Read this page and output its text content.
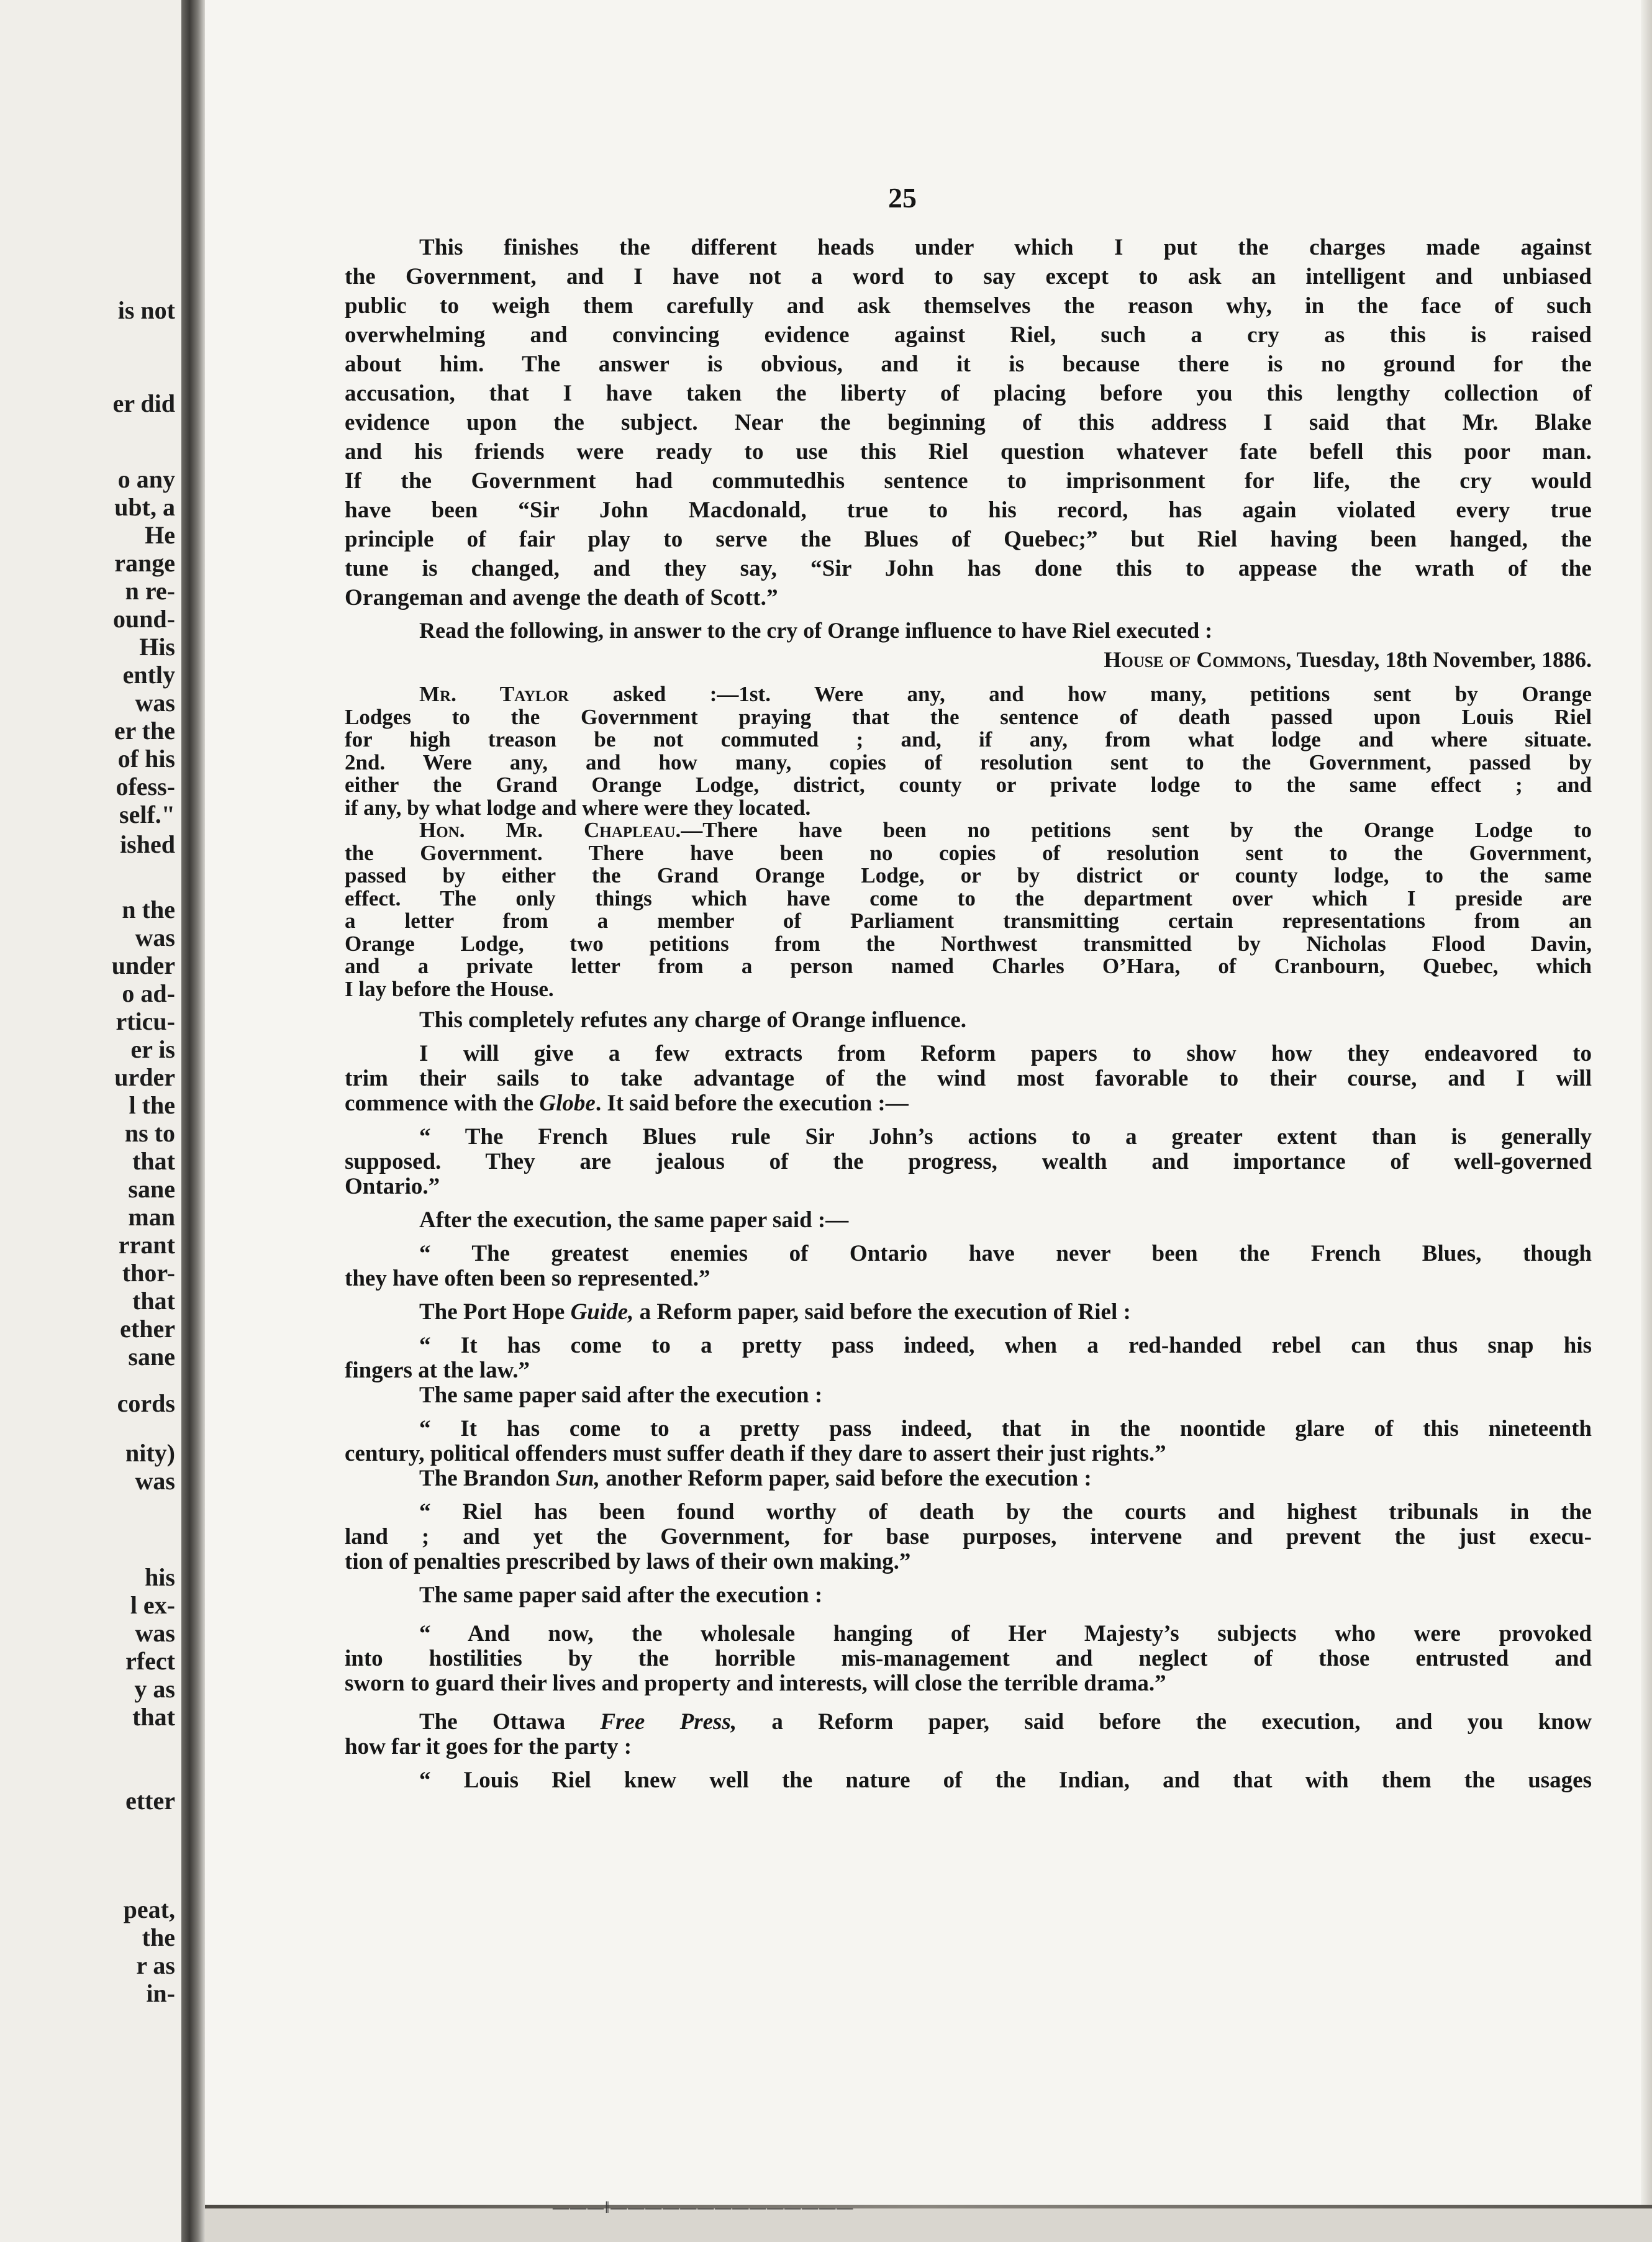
is not
er did
o any
ubt, a
He
range
n re-
ound-
His
ently
was
er the
of his
ofess-
self."
ished
n the
was
under
o ad-
rticu-
er is
urder
l the
ns to
that
sane
man
rrant
thor-
that
ether
sane
cords
nity)
was
his
l ex-
was
rfect
y as
that
etter
peat,
the
r as
in-
25
This finishes the different heads under which I put the charges made against
the Government, and I have not a word to say except to ask an intelligent and unbiased
public to weigh them carefully and ask themselves the reason why, in the face of such
overwhelming and convincing evidence against Riel, such a cry as this is raised
about him. The answer is obvious, and it is because there is no ground for the
accusation, that I have taken the liberty of placing before you this lengthy collection of
evidence upon the subject. Near the beginning of this address I said that Mr. Blake
and his friends were ready to use this Riel question whatever fate befell this poor man.
If the Government had commutedhis sentence to imprisonment for life, the cry would
have been “Sir John Macdonald, true to his record, has again violated every true
principle of fair play to serve the Blues of Quebec;” but Riel having been hanged, the
tune is changed, and they say, “Sir John has done this to appease the wrath of the
Orangeman and avenge the death of Scott.”
Read the following, in answer to the cry of Orange influence to have Riel executed :
House of Commons, Tuesday, 18th November, 1886.
Mr. Taylor asked :—1st. Were any, and how many, petitions sent by Orange
Lodges to the Government praying that the sentence of death passed upon Louis Riel
for high treason be not commuted ; and, if any, from what lodge and where situate.
2nd. Were any, and how many, copies of resolution sent to the Government, passed by
either the Grand Orange Lodge, district, county or private lodge to the same effect ; and
if any, by what lodge and where were they located.
Hon. Mr. Chapleau.—There have been no petitions sent by the Orange Lodge to
the Government. There have been no copies of resolution sent to the Government,
passed by either the Grand Orange Lodge, or by district or county lodge, to the same
effect. The only things which have come to the department over which I preside are
a letter from a member of Parliament transmitting certain representations from an
Orange Lodge, two petitions from the Northwest transmitted by Nicholas Flood Davin,
and a private letter from a person named Charles O’Hara, of Cranbourn, Quebec, which
I lay before the House.
This completely refutes any charge of Orange influence.
I will give a few extracts from Reform papers to show how they endeavored to
trim their sails to take advantage of the wind most favorable to their course, and I will
commence with the Globe. It said before the execution :—
“ The French Blues rule Sir John’s actions to a greater extent than is generally
supposed. They are jealous of the progress, wealth and importance of well-governed
Ontario.”
After the execution, the same paper said :—
“ The greatest enemies of Ontario have never been the French Blues, though
they have often been so represented.”
The Port Hope Guide, a Reform paper, said before the execution of Riel :
“ It has come to a pretty pass indeed, when a red-handed rebel can thus snap his
fingers at the law.”
The same paper said after the execution :
“ It has come to a pretty pass indeed, that in the noontide glare of this nineteenth
century, political offenders must suffer death if they dare to assert their just rights.”
The Brandon Sun, another Reform paper, said before the execution :
“ Riel has been found worthy of death by the courts and highest tribunals in the
land ; and yet the Government, for base purposes, intervene and prevent the just execu-
tion of penalties prescribed by laws of their own making.”
The same paper said after the execution :
“ And now, the wholesale hanging of Her Majesty’s subjects who were provoked
into hostilities by the horrible mis-management and neglect of those entrusted and
sworn to guard their lives and property and interests, will close the terrible drama.”
The Ottawa Free Press, a Reform paper, said before the execution, and you know
how far it goes for the party :
“ Louis Riel knew well the nature of the Indian, and that with them the usages
———‖——————————————
